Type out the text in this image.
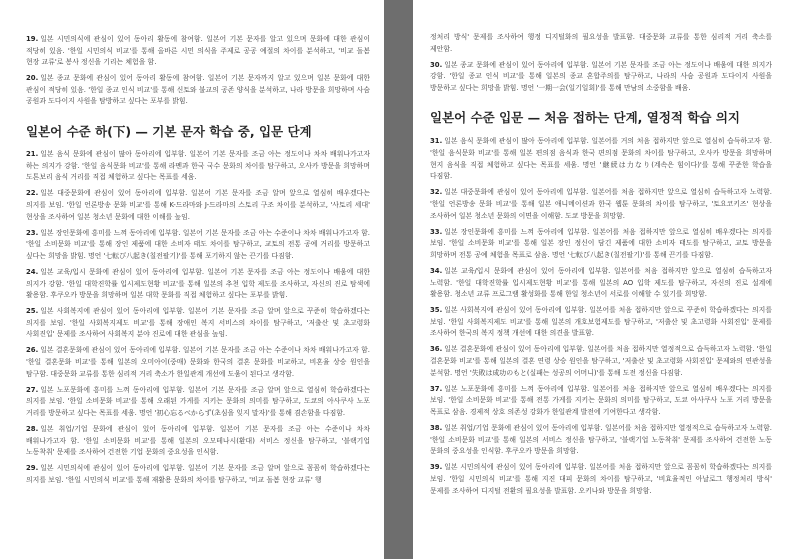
19. 일본 시민의식에 관심이 있어 동아리 활동에 참여함. 일본어 기본 문자를 알고 있으며 문화에 대한 관심이 적당히 있음. '한일 시민의식 비교'를 통해 올바른 시민 의식을 주제로 공공 예절의 차이를 분석하고, '비교 돌봄 현장 교류'로 봉사 정신을 기리는 체험을 함.

20. 일본 종교 문화에 관심이 있어 동아리 활동에 참여함. 일본어 기본 문자까지 알고 있으며 일본 문화에 대한 관심이 적당히 있음. '한일 종교 인식 비교'를 통해 신토와 불교의 공존 양식을 분석하고, 나라 방문을 희망하며 사슴 공원과 도다이지 사원을 탐방하고 싶다는 포부를 밝힘.

일본어 수준 하(下) — 기본 문자 학습 중, 입문 단계

21. 일본 음식 문화에 관심이 많아 동아리에 입부함. 일본어 기본 문자를 조금 아는 정도이나 차차 배워나가고자 하는 의지가 강함. '한일 음식문화 비교'를 통해 라멘과 한국 국수 문화의 차이를 탐구하고, 오사카 방문을 희망하며 도톤보리 음식 거리를 직접 체험하고 싶다는 목표를 세움.

22. 일본 대중문화에 관심이 있어 동아리에 입부함. 일본어 기본 문자를 조금 알며 앞으로 열심히 배우겠다는 의지를 보임. '한일 언론방송 문화 비교'를 통해 K-드라마와 J-드라마의 스토리 구조 차이를 분석하고, '사토리 세대' 현상을 조사하여 일본 청소년 문화에 대한 이해를 높임.

23. 일본 장인문화에 흥미를 느껴 동아리에 입부함. 일본어 기본 문자를 조금 아는 수준이나 차차 배워나가고자 함. '한일 소비문화 비교'를 통해 장인 제품에 대한 소비자 태도 차이를 탐구하고, 교토의 전통 공예 거리를 방문하고 싶다는 희망을 밝힘. 명언 '七転び八起き(칠전팔기)'를 통해 포기하지 않는 끈기를 다짐함.

24. 일본 교육/입시 문화에 관심이 있어 동아리에 입부함. 일본어 기본 문자를 조금 아는 정도이나 배움에 대한 의지가 강함. '한일 대학진학률 입시제도현황 비교'를 통해 일본의 추천 입학 제도를 조사하고, 자신의 진로 탐색에 활용함. 후쿠오카 방문을 희망하며 일본 대학 문화를 직접 체험하고 싶다는 포부를 밝힘.

25. 일본 사회복지에 관심이 있어 동아리에 입부함. 일본어 기본 문자를 조금 알며 앞으로 꾸준히 학습하겠다는 의지를 보임. '한일 사회복지제도 비교'를 통해 장애인 복지 서비스의 차이를 탐구하고, '저출산 및 초고령화 사회진입' 문제를 조사하여 사회복지 분야 진로에 대한 관심을 높임.

26. 일본 결혼문화에 관심이 있어 동아리에 입부함. 일본어 기본 문자를 조금 아는 수준이나 차차 배워나가고자 함. '한일 결혼문화 비교'를 통해 일본의 오미아이(중매) 문화와 한국의 결혼 문화를 비교하고, 비혼율 상승 원인을 탐구함. 대중문화 교류를 통한 심리적 거리 축소가 한일관계 개선에 도움이 된다고 생각함.

27. 일본 노포문화에 흥미를 느껴 동아리에 입부함. 일본어 기본 문자를 조금 알며 앞으로 열심히 학습하겠다는 의지를 보임. '한일 소비문화 비교'를 통해 오래된 가게를 지키는 문화의 의미를 탐구하고, 도쿄의 아사쿠사 노포 거리를 방문하고 싶다는 목표를 세움. 명언 '初心忘るべからず(초심을 잊지 말자)'를 통해 겸손함을 다짐함.

28. 일본 취업/기업 문화에 관심이 있어 동아리에 입부함. 일본어 기본 문자를 조금 아는 수준이나 차차 배워나가고자 함. '한일 소비문화 비교'를 통해 일본의 오모테나시(환대) 서비스 정신을 탐구하고, '블랙기업 노동착취' 문제를 조사하여 건전한 기업 문화의 중요성을 인식함.

29. 일본 시민의식에 관심이 있어 동아리에 입부함. 일본어 기본 문자를 조금 알며 앞으로 꼼꼼히 학습하겠다는 의지를 보임. '한일 시민의식 비교'를 통해 재활용 문화의 차이를 탐구하고, '비교 돌봄 현장 교류' 행

정처리 방식' 문제를 조사하여 행정 디지털화의 필요성을 발표함. 대중문화 교류를 통한 심리적 거리 축소를 제안함.

30. 일본 종교 문화에 관심이 있어 동아리에 입부함. 일본어 기본 문자를 조금 아는 정도이나 배움에 대한 의지가 강함. '한일 종교 인식 비교'를 통해 일본의 종교 혼합주의를 탐구하고, 나라의 사슴 공원과 도다이지 사원을 방문하고 싶다는 희망을 밝힘. 명언 '一期一会(일기일회)'를 통해 만남의 소중함을 배움.

일본어 수준 입문 — 처음 접하는 단계, 열정적 학습 의지

31. 일본 음식 문화에 관심이 많아 동아리에 입부함. 일본어를 거의 처음 접하지만 앞으로 열심히 습득하고자 함. '한일 음식문화 비교'를 통해 일본 편의점 음식과 한국 편의점 문화의 차이를 탐구하고, 오사카 방문을 희망하며 현지 음식을 직접 체험하고 싶다는 목표를 세움. 명언 '継続は力なり(계속은 힘이다)'를 통해 꾸준한 학습을 다짐함.

32. 일본 대중문화에 관심이 있어 동아리에 입부함. 일본어를 처음 접하지만 앞으로 열심히 습득하고자 노력함. '한일 언론방송 문화 비교'를 통해 일본 애니메이션과 한국 웹툰 문화의 차이를 탐구하고, '토요코키즈' 현상을 조사하여 일본 청소년 문화의 이면을 이해함. 도쿄 방문을 희망함.

33. 일본 장인문화에 흥미를 느껴 동아리에 입부함. 일본어를 처음 접하지만 앞으로 열심히 배우겠다는 의지를 보임. '한일 소비문화 비교'를 통해 일본 장인 정신이 담긴 제품에 대한 소비자 태도를 탐구하고, 교토 방문을 희망하며 전통 공예 체험을 목표로 삼음. 명언 '七転び八起き(칠전팔기)'를 통해 끈기를 다짐함.

34. 일본 교육/입시 문화에 관심이 있어 동아리에 입부함. 일본어를 처음 접하지만 앞으로 열심히 습득하고자 노력함. '한일 대학진학률 입시제도현황 비교'를 통해 일본의 AO 입학 제도를 탐구하고, 자신의 진로 설계에 활용함. 청소년 교류 프로그램 활성화를 통해 한일 청소년이 서로를 이해할 수 있기를 희망함.

35. 일본 사회복지에 관심이 있어 동아리에 입부함. 일본어를 처음 접하지만 앞으로 꾸준히 학습하겠다는 의지를 보임. '한일 사회복지제도 비교'를 통해 일본의 개호보험제도를 탐구하고, '저출산 및 초고령화 사회진입' 문제를 조사하여 한국의 복지 정책 개선에 대한 의견을 발표함.

36. 일본 결혼문화에 관심이 있어 동아리에 입부함. 일본어를 처음 접하지만 열정적으로 습득하고자 노력함. '한일 결혼문화 비교'를 통해 일본의 결혼 연령 상승 원인을 탐구하고, '저출산 및 초고령화 사회진입' 문제와의 연관성을 분석함. 명언 '失敗は成功のもと(실패는 성공의 어머니)'를 통해 도전 정신을 다짐함.

37. 일본 노포문화에 흥미를 느껴 동아리에 입부함. 일본어를 처음 접하지만 앞으로 열심히 배우겠다는 의지를 보임. '한일 소비문화 비교'를 통해 전통 가게를 지키는 문화의 의미를 탐구하고, 도쿄 아사쿠사 노포 거리 방문을 목표로 삼음. 경제적 상호 의존성 강화가 한일관계 발전에 기여한다고 생각함.

38. 일본 취업/기업 문화에 관심이 있어 동아리에 입부함. 일본어를 처음 접하지만 열정적으로 습득하고자 노력함. '한일 소비문화 비교'를 통해 일본의 서비스 정신을 탐구하고, '블랙기업 노동착취' 문제를 조사하여 건전한 노동 문화의 중요성을 인식함. 후쿠오카 방문을 희망함.

39. 일본 시민의식에 관심이 있어 동아리에 입부함. 일본어를 처음 접하지만 앞으로 꼼꼼히 학습하겠다는 의지를 보임. '한일 시민의식 비교'를 통해 지진 대피 문화의 차이를 탐구하고, '비효율적인 아날로그 행정처리 방식' 문제를 조사하여 디지털 전환의 필요성을 발표함. 오키나와 방문을 희망함.
